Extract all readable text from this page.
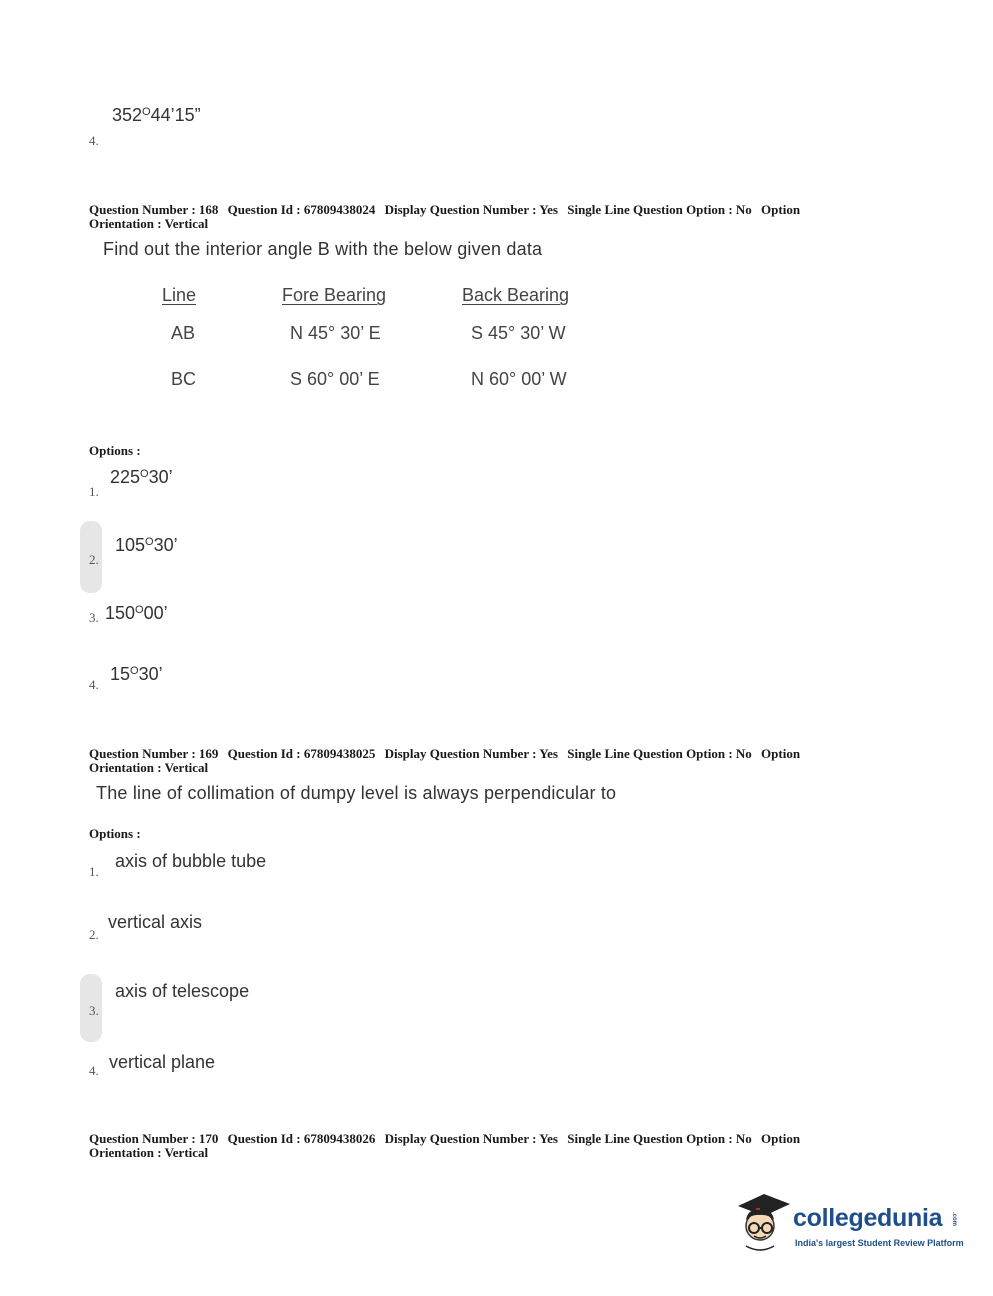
$352^O44’15$”
4.
Question Number : 168 Question Id : 67809438024 Display Question Number : Yes Single Line Question Option : No Option
Orientation : Vertical
Find out the interior angle B with the below given data
Line	Fore Bearing	Back Bearing
AB	N 45° 30’ E	S 45° 30’ W
BC	S 60° 00’ E	N 60° 00’ W
Options :
$225^O30$’
1.
$105^O30$’
2.
3. $150^O00$’
$15^O30$’
4.
Question Number : 169 Question Id : 67809438025 Display Question Number : Yes Single Line Question Option : No Option
Orientation : Vertical
The line of collimation of dumpy level is always perpendicular to
Options :
axis of bubble tube
1.
vertical axis
2.
axis of telescope
3.
vertical plane
4.
Question Number : 170 Question Id : 67809438026 Display Question Number : Yes Single Line Question Option : No Option
Orientation : Vertical
collegedunia .com
India's largest Student Review Platform
